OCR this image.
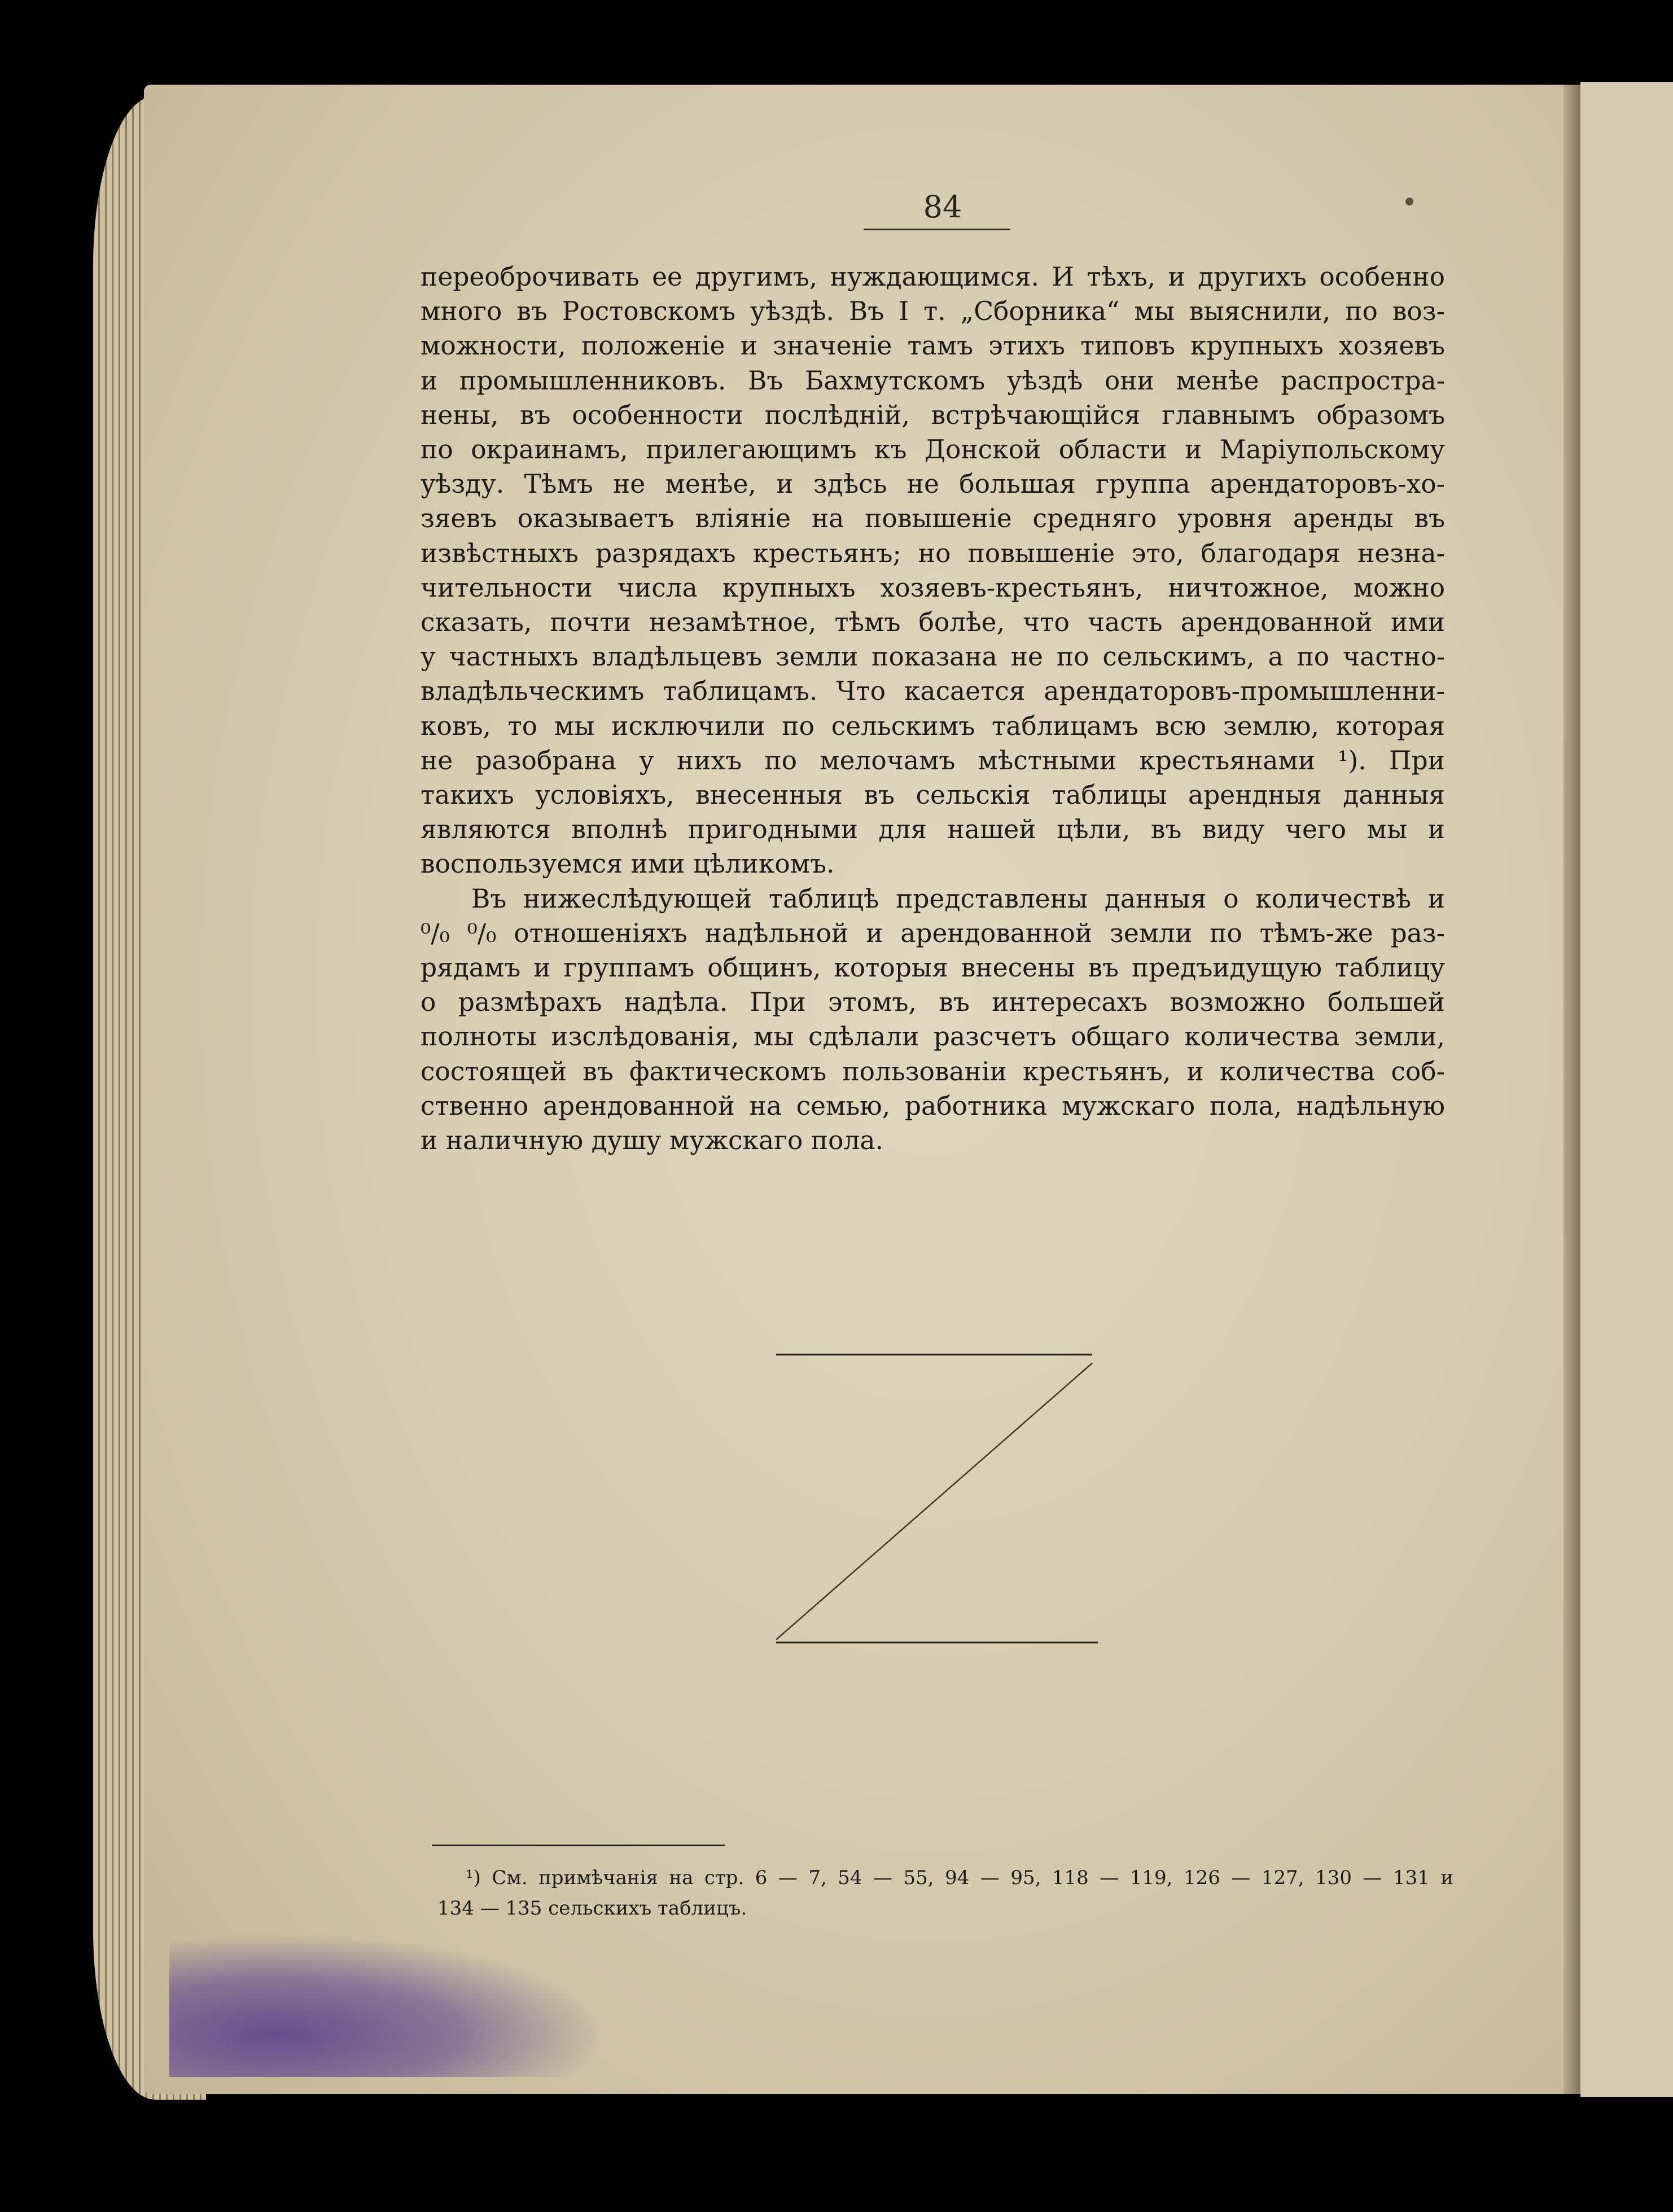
84
переоброчивать ее другимъ, нуждающимся. И тѣхъ, и другихъ особенно
много въ Ростовскомъ уѣздѣ. Въ I т. „Сборника“ мы выяснили, по воз-
можности, положеніе и значеніе тамъ этихъ типовъ крупныхъ хозяевъ
и промышленниковъ. Въ Бахмутскомъ уѣздѣ они менѣе распростра-
нены, въ особенности послѣдній, встрѣчающійся главнымъ образомъ
по окраинамъ, прилегающимъ къ Донской области и Маріупольскому
уѣзду. Тѣмъ не менѣе, и здѣсь не большая группа арендаторовъ-хо-
зяевъ оказываетъ вліяніе на повышеніе средняго уровня аренды въ
извѣстныхъ разрядахъ крестьянъ; но повышеніе это, благодаря незна-
чительности числа крупныхъ хозяевъ-крестьянъ, ничтожное, можно
сказать, почти незамѣтное, тѣмъ болѣе, что часть арендованной ими
у частныхъ владѣльцевъ земли показана не по сельскимъ, а по частно-
владѣльческимъ таблицамъ. Что касается арендаторовъ-промышленни-
ковъ, то мы исключили по сельскимъ таблицамъ всю землю, которая
не разобрана у нихъ по мелочамъ мѣстными крестьянами ¹). При
такихъ условіяхъ, внесенныя въ сельскія таблицы арендныя данныя
являются вполнѣ пригодными для нашей цѣли, въ виду чего мы и
воспользуемся ими цѣликомъ.
Въ нижеслѣдующей таблицѣ представлены данныя о количествѣ и
⁰/₀ ⁰/₀ отношеніяхъ надѣльной и арендованной земли по тѣмъ-же раз-
рядамъ и группамъ общинъ, которыя внесены въ предъидущую таблицу
о размѣрахъ надѣла. При этомъ, въ интересахъ возможно большей
полноты изслѣдованія, мы сдѣлали разсчетъ общаго количества земли,
состоящей въ фактическомъ пользованіи крестьянъ, и количества соб-
ственно арендованной на семью, работника мужскаго пола, надѣльную
и наличную душу мужскаго пола.
¹) См. примѣчанія на стр. 6 — 7, 54 — 55, 94 — 95, 118 — 119, 126 — 127, 130 — 131 и
134 — 135 сельскихъ таблицъ.
